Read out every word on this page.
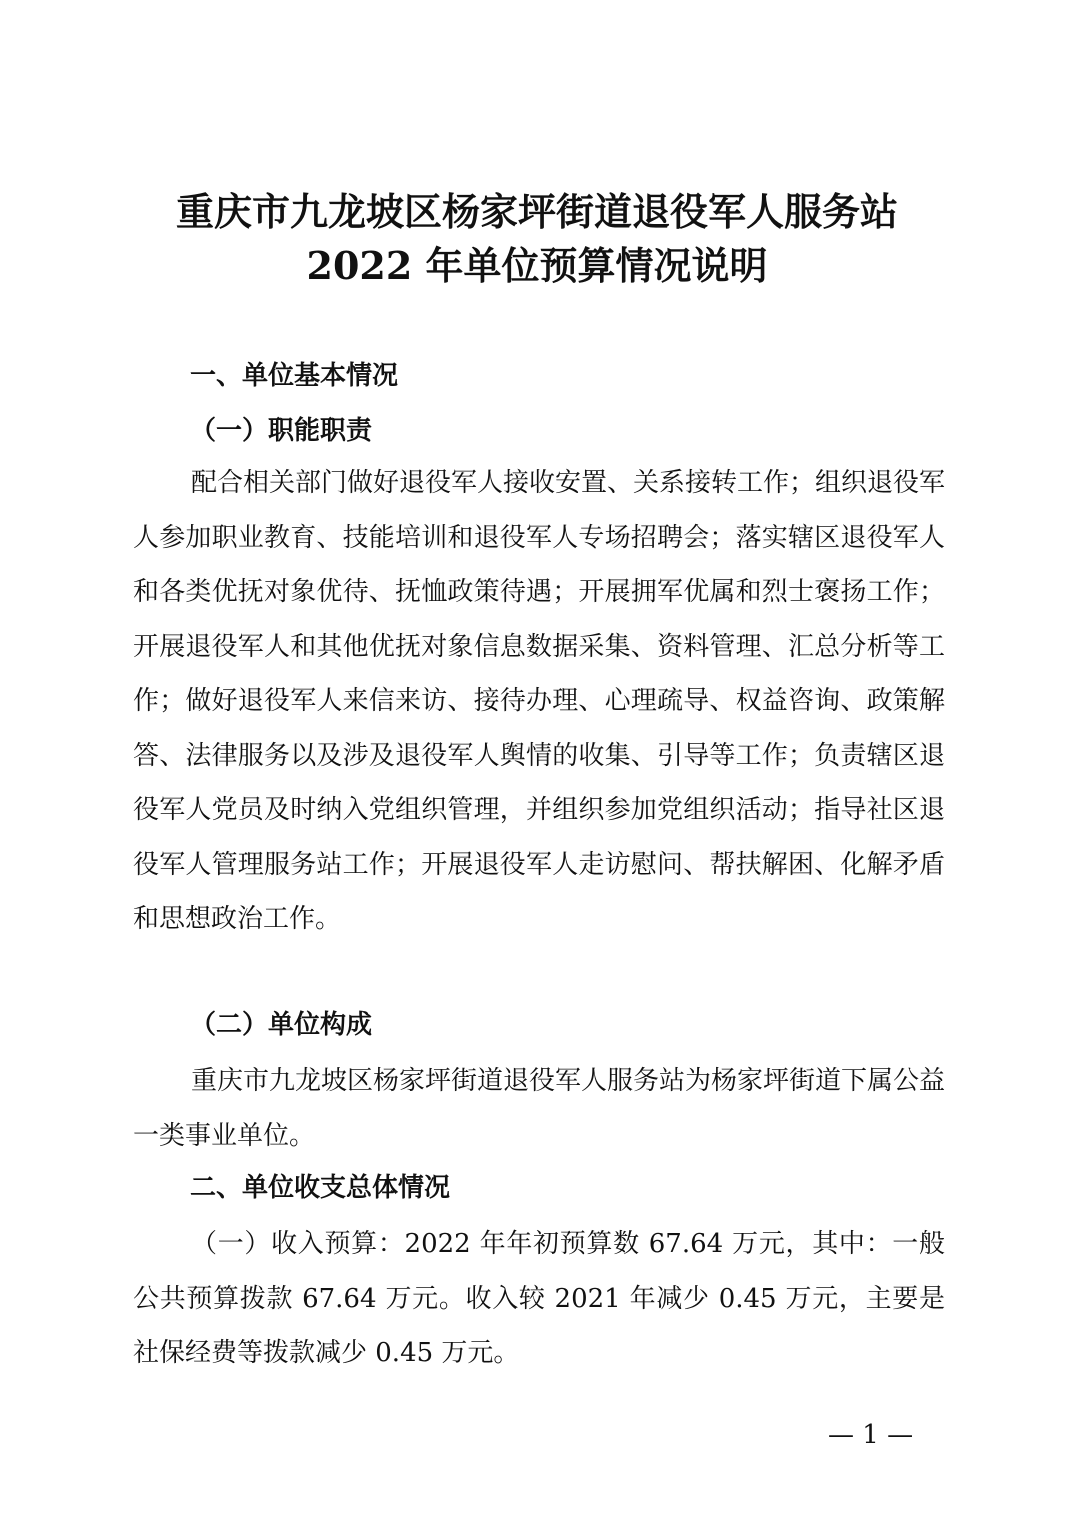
重庆市九龙坡区杨家坪街道退役军人服务站
2022 年单位预算情况说明
一、单位基本情况
（一）职能职责

配合相关部门做好退役军人接收安置、关系接转工作；组织退役军人参加职业教育、技能培训和退役军人专场招聘会；落实辖区退役军人和各类优抚对象优待、抚恤政策待遇；开展拥军优属和烈士褒扬工作；开展退役军人和其他优抚对象信息数据采集、资料管理、汇总分析等工作；做好退役军人来信来访、接待办理、心理疏导、权益咨询、政策解答、法律服务以及涉及退役军人舆情的收集、引导等工作；负责辖区退役军人党员及时纳入党组织管理，并组织参加党组织活动；指导社区退役军人管理服务站工作；开展退役军人走访慰问、帮扶解困、化解矛盾和思想政治工作。

（二）单位构成

重庆市九龙坡区杨家坪街道退役军人服务站为杨家坪街道下属公益一类事业单位。

二、单位收支总体情况

（一）收入预算：2022 年年初预算数 67.64 万元，其中：一般公共预算拨款 67.64 万元。收入较 2021 年减少 0.45 万元，主要是社保经费等拨款减少 0.45 万元。

— 1 —
